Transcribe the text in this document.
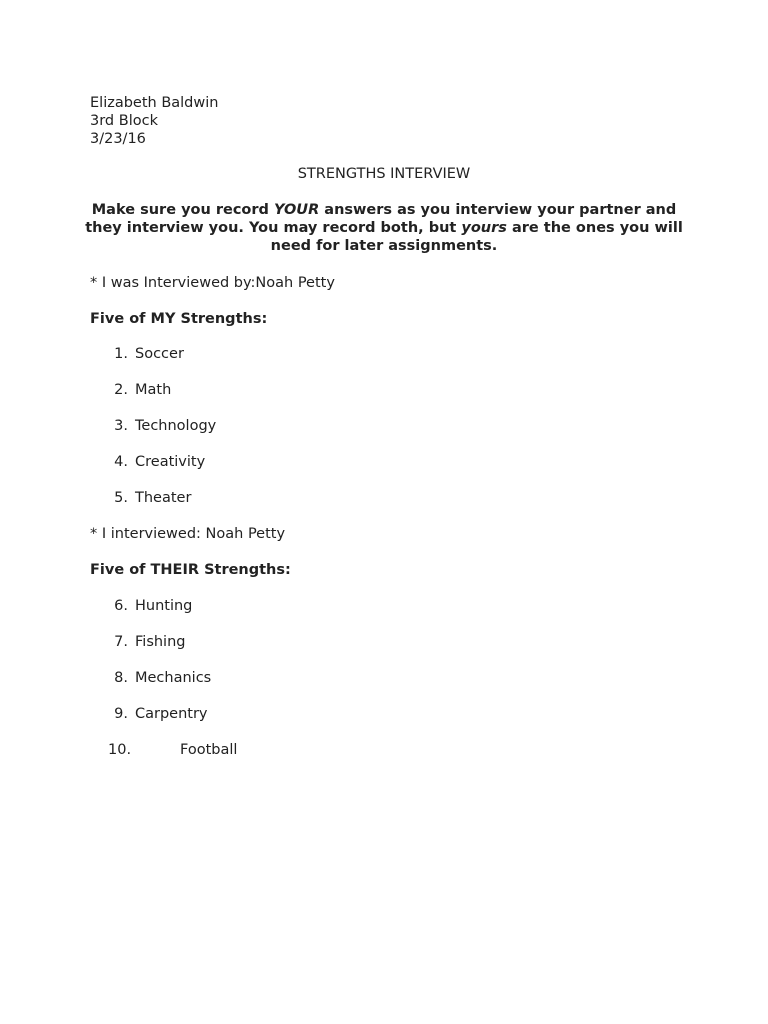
Elizabeth Baldwin
3rd Block
3/23/16
STRENGTHS INTERVIEW
Make sure you record YOUR answers as you interview your partner and they interview you. You may record both, but yours are the ones you will need for later assignments.
* I was Interviewed by:Noah Petty
Five of MY Strengths:
1. Soccer
2. Math
3. Technology
4. Creativity
5. Theater
* I interviewed: Noah Petty
Five of THEIR Strengths:
6. Hunting
7. Fishing
8. Mechanics
9. Carpentry
10.	Football
